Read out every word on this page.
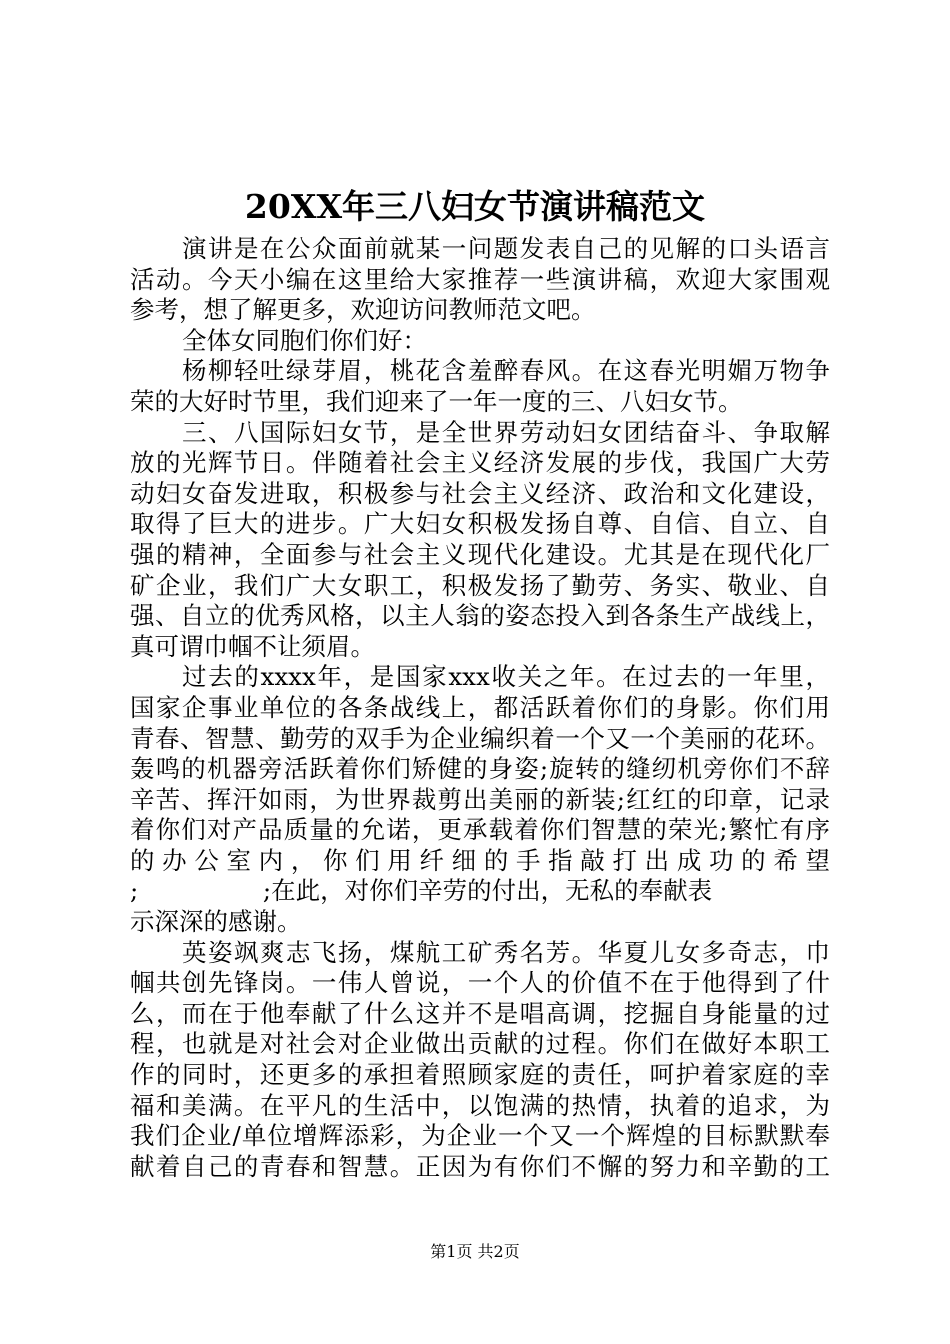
20XX年三八妇女节演讲稿范文
演讲是在公众面前就某一问题发表自己的见解的口头语言
活动。今天小编在这里给大家推荐一些演讲稿，欢迎大家围观
参考，想了解更多，欢迎访问教师范文吧。
全体女同胞们你们好：
杨柳轻吐绿芽眉，桃花含羞醉春风。在这春光明媚万物争
荣的大好时节里，我们迎来了一年一度的三、八妇女节。
三、八国际妇女节，是全世界劳动妇女团结奋斗、争取解
放的光辉节日。伴随着社会主义经济发展的步伐，我国广大劳
动妇女奋发进取，积极参与社会主义经济、政治和文化建设，
取得了巨大的进步。广大妇女积极发扬自尊、自信、自立、自
强的精神，全面参与社会主义现代化建设。尤其是在现代化厂
矿企业，我们广大女职工，积极发扬了勤劳、务实、敬业、自
强、自立的优秀风格，以主人翁的姿态投入到各条生产战线上，
真可谓巾帼不让须眉。
过去的xxxx年，是国家xxx收关之年。在过去的一年里，
国家企事业单位的各条战线上，都活跃着你们的身影。你们用
青春、智慧、勤劳的双手为企业编织着一个又一个美丽的花环。
轰鸣的机器旁活跃着你们矫健的身姿;旋转的缝纫机旁你们不辞
辛苦、挥汗如雨，为世界裁剪出美丽的新装;红红的印章，记录
着你们对产品质量的允诺，更承载着你们智慧的荣光;繁忙有序
的办公室内，你们用纤细的手指敲打出成功的希望
;                ;在此，对你们辛劳的付出，无私的奉献表
示深深的感谢。
英姿飒爽志飞扬，煤航工矿秀名芳。华夏儿女多奇志，巾
帼共创先锋岗。一伟人曾说，一个人的价值不在于他得到了什
么，而在于他奉献了什么这并不是唱高调，挖掘自身能量的过
程，也就是对社会对企业做出贡献的过程。你们在做好本职工
作的同时，还更多的承担着照顾家庭的责任，呵护着家庭的幸
福和美满。在平凡的生活中，以饱满的热情，执着的追求，为
我们企业/单位增辉添彩，为企业一个又一个辉煌的目标默默奉
献着自己的青春和智慧。正因为有你们不懈的努力和辛勤的工
第1页 共2页
